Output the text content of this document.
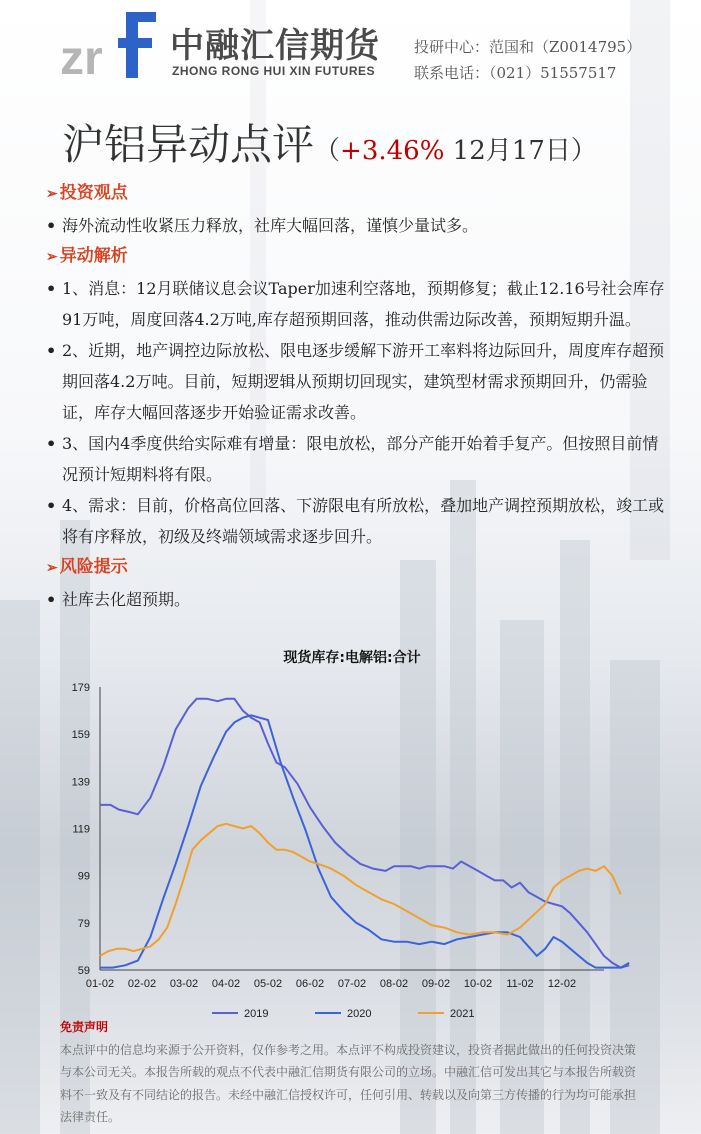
zr 中融汇信期货
ZHONG RONG HUI XIN FUTURES
投研中心：范国和（Z0014795）
联系电话：（021）51557517
沪铝异动点评（+3.46% 12月17日）
➢ 投资观点
• 海外流动性收紧压力释放，社库大幅回落，谨慎少量试多。
➢ 异动解析
• 1、消息：12月联储议息会议Taper加速利空落地，预期修复；截止12.16号社会库存91万吨，周度回落4.2万吨,库存超预期回落，推动供需边际改善，预期短期升温。
• 2、近期，地产调控边际放松、限电逐步缓解下游开工率料将边际回升，周度库存超预期回落4.2万吨。目前，短期逻辑从预期切回现实，建筑型材需求预期回升，仍需验证，库存大幅回落逐步开始验证需求改善。
• 3、国内4季度供给实际难有增量：限电放松，部分产能开始着手复产。但按照目前情况预计短期料将有限。
• 4、需求：目前，价格高位回落、下游限电有所放松，叠加地产调控预期放松，竣工或将有序释放，初级及终端领域需求逐步回升。
➢ 风险提示
• 社库去化超预期。
现货库存:电解铝:合计
59
79
99
119
139
159
179
01-02 02-02 03-02 04-02 05-02 06-02 07-02 08-02 09-02 10-02 11-02 12-02
2019	2020	2021
免责声明
本点评中的信息均来源于公开资料，仅作参考之用。本点评不构成投资建议，投资者据此做出的任何投资决策与本公司无关。本报告所载的观点不代表中融汇信期货有限公司的立场。中融汇信可发出其它与本报告所载资料不一致及有不同结论的报告。未经中融汇信授权许可，任何引用、转载以及向第三方传播的行为均可能承担法律责任。
